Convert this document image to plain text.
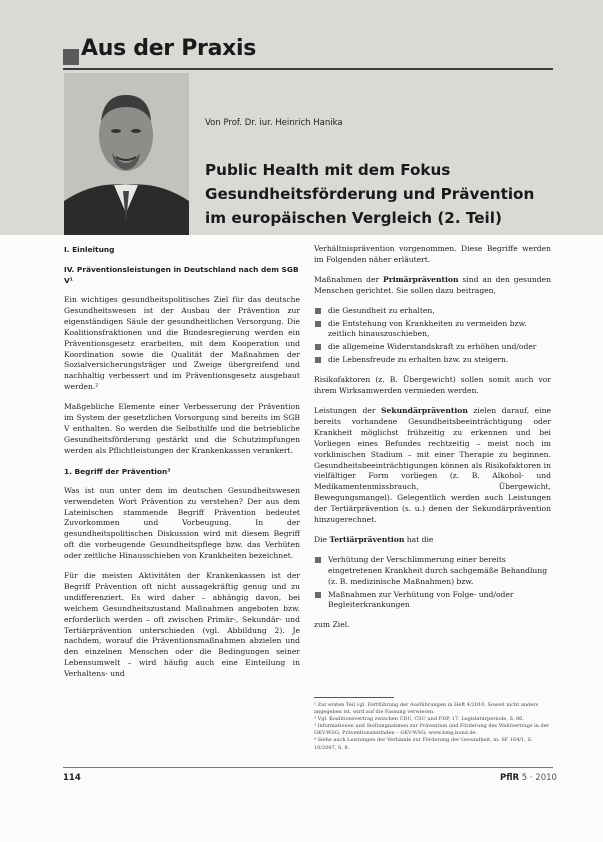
Aus der Praxis
Von Prof. Dr. iur. Heinrich Hanika
Public Health mit dem Fokus Gesundheitsförderung und Prävention im europäischen Vergleich (2. Teil)
I. Einleitung
IV. Präventionsleistungen in Deutschland nach dem SGB V¹

Ein wichtiges gesundheitspolitisches Ziel für das deutsche Gesundheitswesen ist der Ausbau der Prävention zur eigenständigen Säule der gesundheitlichen Versorgung. Die Koalitionsfraktionen und die Bundesregierung werden ein Präventionsgesetz erarbeiten, mit dem Kooperation und Koordination sowie die Qualität der Maßnahmen der Sozialversicherungsträger und Zweige übergreifend und nachhaltig verbessert und im Präventionsgesetz ausgebaut werden.²

Maßgebliche Elemente einer Verbesserung der Prävention im System der gesetzlichen Vorsorgung sind bereits im SGB V enthalten. So werden die Selbsthilfe und die betriebliche Gesundheitsförderung gestärkt und die Schutzimpfungen werden als Pflichtleistungen der Krankenkassen verankert.

1. Begriff der Prävention³

Was ist nun unter dem im deutschen Gesundheitswesen verwendeten Wort Prävention zu verstehen? Der aus dem Lateinischen stammende Begriff Prävention bedeutet Zuvorkommen und Vorbeugung. In der gesundheitspolitischen Diskussion wird mit diesem Begriff oft die vorbeugende Gesundheitspflege bzw. das Verhüten oder zeitliche Hinausschieben von Krankheiten bezeichnet.

Für die meisten Aktivitäten der Krankenkassen ist der Begriff Prävention oft nicht aussagekräftig genug und zu undifferenziert. Es wird daher – abhängig davon, bei welchem Gesundheitszustand Maßnahmen angeboten bzw. erforderlich werden – oft zwischen Primär-, Sekundär- und Tertiärprävention unterschieden (vgl. Abbildung 2). Je nachdem, worauf die Präventionsmaßnahmen abzielen und den einzelnen Menschen oder die Bedingungen seiner Lebensumwelt – wird häufig auch eine Einteilung in Verhaltens- und

Verhältnisprävention vorgenommen. Diese Begriffe werden im Folgenden näher erläutert.

Maßnahmen der Primärprävention sind an den gesunden Menschen gerichtet. Sie sollen dazu beitragen,

die Gesundheit zu erhalten,
die Entstehung von Krankheiten zu vermeiden bzw. zeitlich hinauszuschieben,
die allgemeine Widerstandskraft zu erhöhen und/oder
die Lebensfreude zu erhalten bzw. zu steigern.

Risikofaktoren (z. B. Übergewicht) sollen somit auch vor ihrem Wirksamwerden vermieden werden.

Leistungen der Sekundärprävention zielen darauf, eine bereits vorhandene Gesundheitsbeeinträchtigung oder Krankheit möglichst frühzeitig zu erkennen und bei Vorliegen eines Befundes rechtzeitig – meist noch im vorklinischen Stadium – mit einer Therapie zu beginnen. Gesundheitsbeeinträchtigungen können als Risikofaktoren in vielfältiger Form vorliegen (z. B. Alkohol- und Medikamentenmissbrauch, Übergewicht, Bewegungsmangel). Gelegentlich werden auch Leistungen der Tertiärprävention (s. u.) denen der Sekundärprävention hinzugerechnet.

Die Tertiärprävention hat die

Verhütung der Verschlimmerung einer bereits eingetretenen Krankheit durch sachgemäße Behandlung (z. B. medizinische Maßnahmen) bzw.
Maßnahmen zur Verhütung von Folge- und/oder Begleiterkrankungen

zum Ziel.

¹ Zur ersten Teil vgl. Fortführung der Ausführungen in Heft 4/2010. Soweit nicht anders angegeben ist, wird auf die Fassung verwiesen.

² Vgl. Koalitionsvertrag zwischen CDU, CSU und FDP, 17. Legislaturperiode, S. 86.

³ Informationen und Stellungnahmen zur Prävention und Förderung des Wahlvertrags in der GKV-WSG; Präventionsleitfaden – GKV-WSG; www.bmg.bund.de.

⁴ Siehe auch Leistungen der Verbände zur Förderung der Gesundheit, in: SF 164/1, S. 10/2007, S. 8.

114	PflR 5 · 2010
